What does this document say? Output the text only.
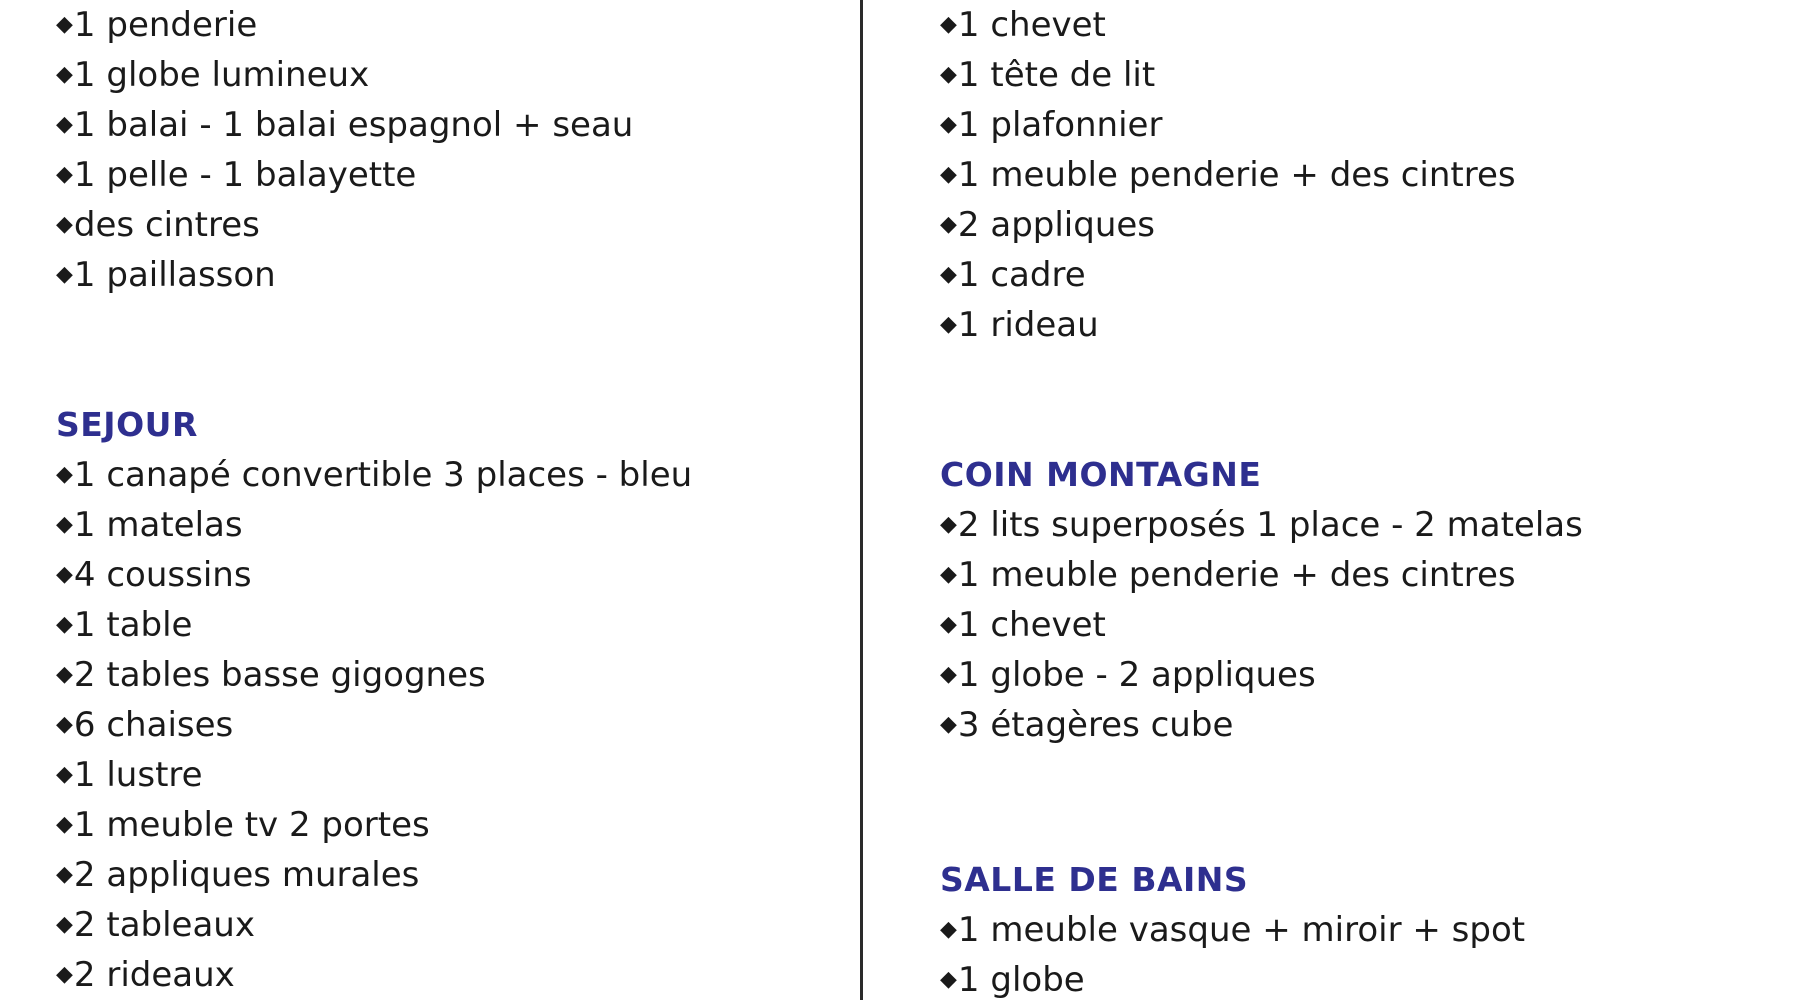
◆1 penderie
◆1 globe lumineux
◆1 balai - 1 balai espagnol + seau
◆1 pelle - 1 balayette
◆des cintres
◆1 paillasson
SEJOUR
◆1 canapé convertible 3 places - bleu
◆1 matelas
◆4 coussins
◆1 table
◆2 tables basse gigognes
◆6 chaises
◆1 lustre
◆1 meuble tv 2 portes
◆2 appliques murales
◆2 tableaux
◆2 rideaux
◆1 chevet
◆1 tête de lit
◆1 plafonnier
◆1 meuble penderie + des cintres
◆2 appliques
◆1 cadre
◆1 rideau
COIN MONTAGNE
◆2 lits superposés 1 place - 2 matelas
◆1 meuble penderie + des cintres
◆1 chevet
◆1 globe - 2 appliques
◆3 étagères cube
SALLE DE BAINS
◆1 meuble vasque + miroir + spot
◆1 globe
